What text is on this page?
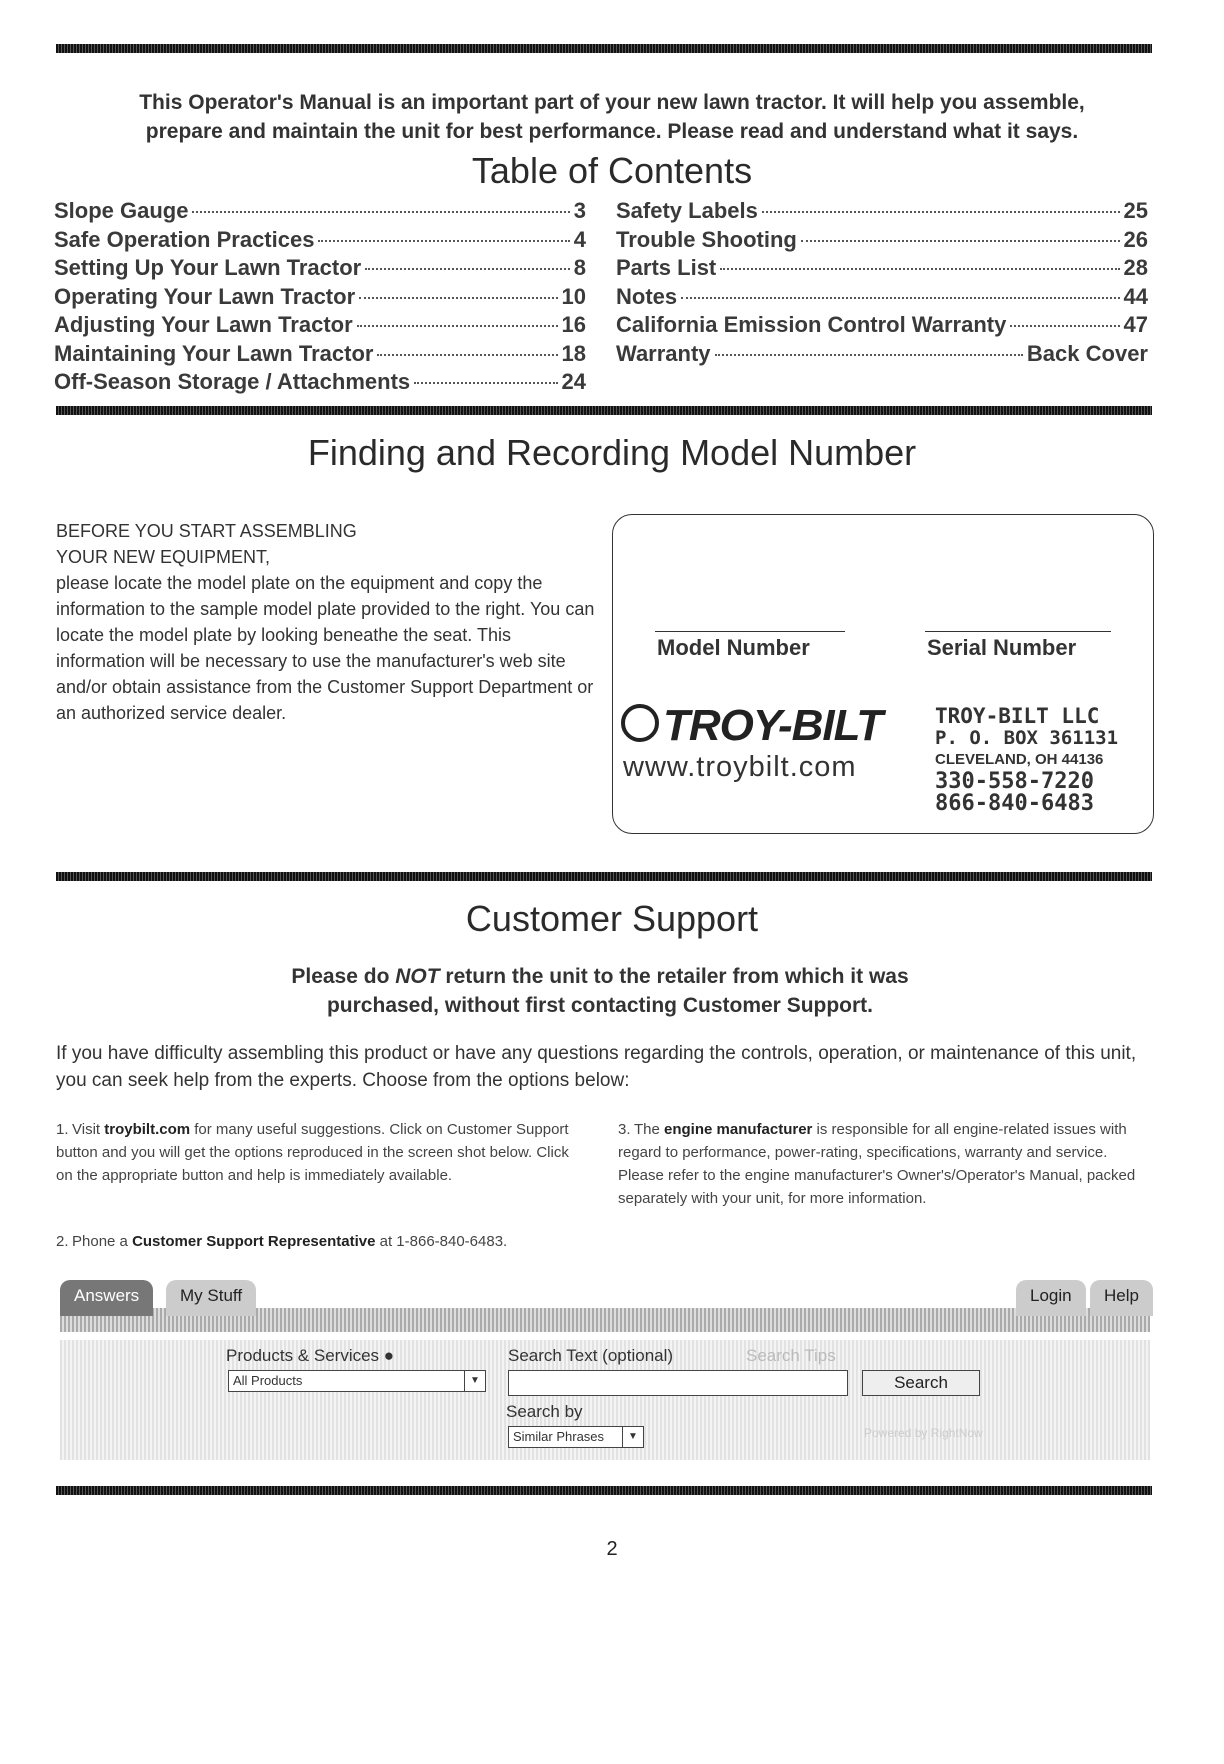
This Operator's Manual is an important part of your new lawn tractor. It will help you assemble,
prepare and maintain the unit for best performance. Please read and understand what it says.
Table of Contents
Slope Gauge	3
Safe Operation Practices	4
Setting Up Your Lawn Tractor	8
Operating Your Lawn Tractor	10
Adjusting Your Lawn Tractor	16
Maintaining Your Lawn Tractor	18
Off-Season Storage / Attachments	24
Safety Labels	25
Trouble Shooting	26
Parts List	28
Notes	44
California Emission Control Warranty	47
Warranty	Back Cover
Finding and Recording Model Number
BEFORE YOU START ASSEMBLING
YOUR NEW EQUIPMENT,
please locate the model plate on the equipment and copy the information to the sample model plate provided to the right. You can locate the model plate by looking beneathe the seat. This information will be necessary to use the manufacturer's web site and/or obtain assistance from the Customer Support Department or an authorized service dealer.
Model Number	Serial Number
TROY-BILT
www.troybilt.com
TROY-BILT LLC
P. O. BOX 361131
CLEVELAND, OH 44136
330-558-7220
866-840-6483
Customer Support
Please do NOT return the unit to the retailer from which it was
purchased, without first contacting Customer Support.
If you have difficulty assembling this product or have any questions regarding the controls, operation, or maintenance of this unit, you can seek help from the experts. Choose from the options below:
1. Visit troybilt.com for many useful suggestions. Click on Customer Support button and you will get the options reproduced in the screen shot below. Click on the appropriate button and help is immediately available.
2. Phone a Customer Support Representative at 1-866-840-6483.
3. The engine manufacturer is responsible for all engine-related issues with regard to performance, power-rating, specifications, warranty and service. Please refer to the engine manufacturer's Owner's/Operator's Manual, packed separately with your unit, for more information.
Answers	My Stuff	Login	Help
Products & Services ●
All Products	▼
Search Text (optional)	Search Tips
Search
Search by
Similar Phrases	▼	Powered by RightNow
2
